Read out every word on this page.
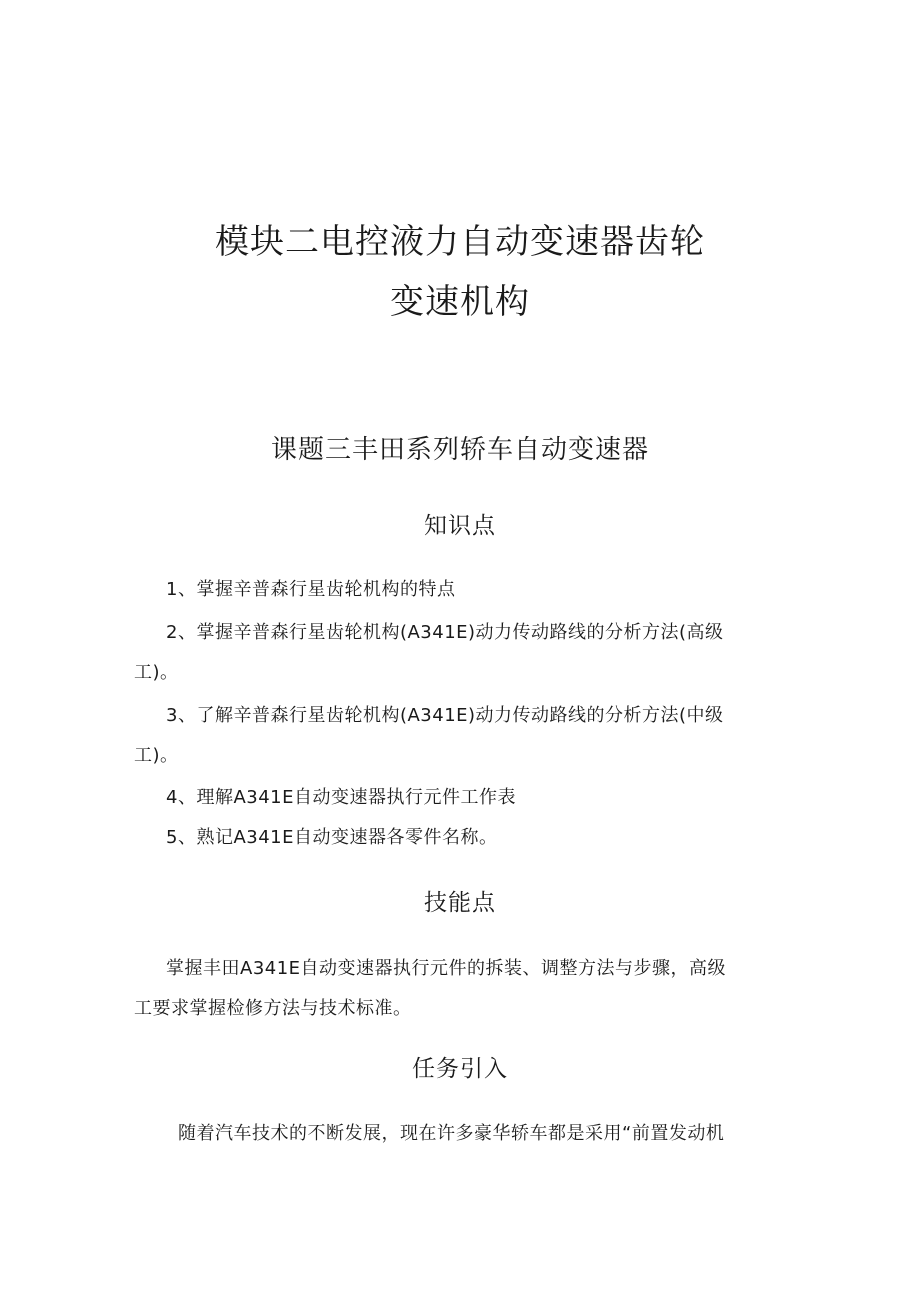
模块二电控液力自动变速器齿轮
变速机构
课题三丰田系列轿车自动变速器
知识点
1、掌握辛普森行星齿轮机构的特点
2、掌握辛普森行星齿轮机构(A341E)动力传动路线的分析方法(高级
工)。
3、了解辛普森行星齿轮机构(A341E)动力传动路线的分析方法(中级
工)。
4、理解A341E自动变速器执行元件工作表
5、熟记A341E自动变速器各零件名称。
技能点
掌握丰田A341E自动变速器执行元件的拆装、调整方法与步骤，高级
工要求掌握检修方法与技术标准。
任务引入
随着汽车技术的不断发展，现在许多豪华轿车都是采用“前置发动机
